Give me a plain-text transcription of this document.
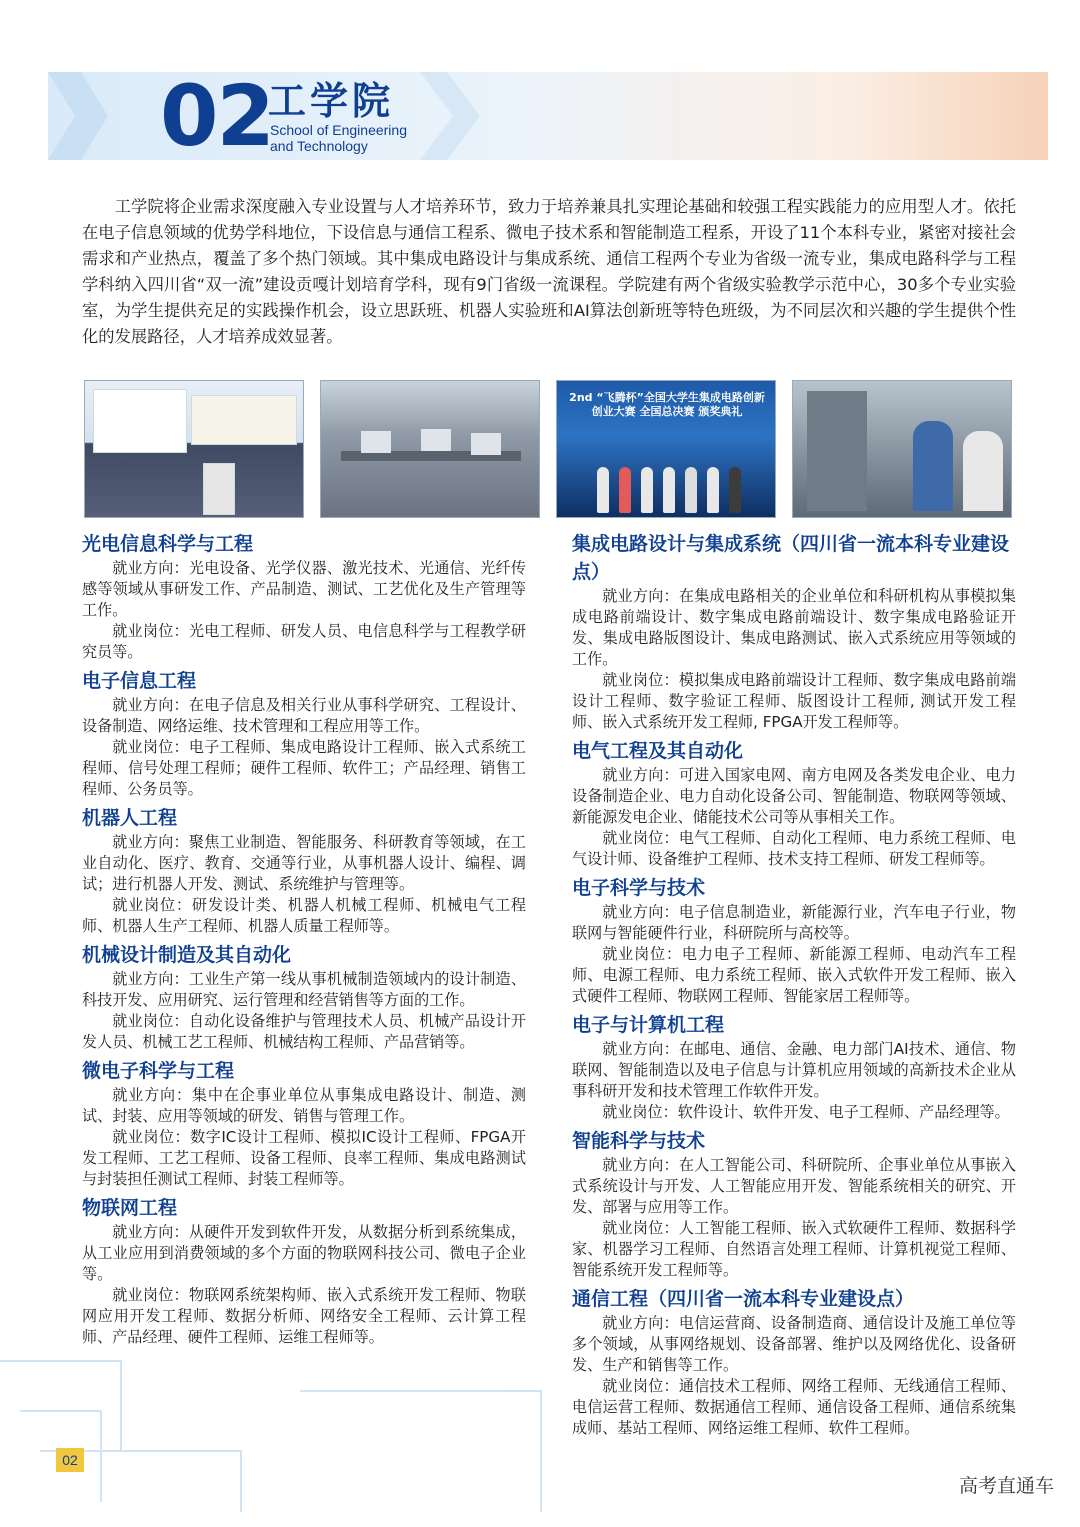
02
工学院
School of Engineering
and Technology

工学院将企业需求深度融入专业设置与人才培养环节，致力于培养兼具扎实理论基础和较强工程实践能力的应用型人才。依托在电子信息领域的优势学科地位，下设信息与通信工程系、微电子技术系和智能制造工程系，开设了11个本科专业，紧密对接社会需求和产业热点，覆盖了多个热门领域。其中集成电路设计与集成系统、通信工程两个专业为省级一流专业，集成电路科学与工程学科纳入四川省“双一流”建设贡嘎计划培育学科，现有9门省级一流课程。学院建有两个省级实验教学示范中心，30多个专业实验室，为学生提供充足的实践操作机会，设立思跃班、机器人实验班和AI算法创新班等特色班级，为不同层次和兴趣的学生提供个性化的发展路径，人才培养成效显著。

2nd “飞腾杯”全国大学生集成电路创新创业大赛 全国总决赛 颁奖典礼
光电信息科学与工程

就业方向：光电设备、光学仪器、激光技术、光通信、光纤传感等领域从事研发工作、产品制造、测试、工艺优化及生产管理等工作。

就业岗位：光电工程师、研发人员、电信息科学与工程教学研究员等。

电子信息工程

就业方向：在电子信息及相关行业从事科学研究、工程设计、设备制造、网络运维、技术管理和工程应用等工作。

就业岗位：电子工程师、集成电路设计工程师、嵌入式系统工程师、信号处理工程师；硬件工程师、软件工；产品经理、销售工程师、公务员等。

机器人工程

就业方向：聚焦工业制造、智能服务、科研教育等领域，在工业自动化、医疗、教育、交通等行业，从事机器人设计、编程、调试；进行机器人开发、测试、系统维护与管理等。

就业岗位：研发设计类、机器人机械工程师、机械电气工程师、机器人生产工程师、机器人质量工程师等。

机械设计制造及其自动化

就业方向：工业生产第一线从事机械制造领域内的设计制造、科技开发、应用研究、运行管理和经营销售等方面的工作。

就业岗位：自动化设备维护与管理技术人员、机械产品设计开发人员、机械工艺工程师、机械结构工程师、产品营销等。

微电子科学与工程

就业方向：集中在企事业单位从事集成电路设计、制造、测试、封装、应用等领域的研发、销售与管理工作。

就业岗位：数字IC设计工程师、模拟IC设计工程师、FPGA开发工程师、工艺工程师、设备工程师、良率工程师、集成电路测试与封装担任测试工程师、封装工程师等。

物联网工程

就业方向：从硬件开发到软件开发，从数据分析到系统集成，从工业应用到消费领域的多个方面的物联网科技公司、微电子企业等。

就业岗位：物联网系统架构师、嵌入式系统开发工程师、物联网应用开发工程师、数据分析师、网络安全工程师、云计算工程师、产品经理、硬件工程师、运维工程师等。

集成电路设计与集成系统（四川省一流本科专业建设点）

就业方向：在集成电路相关的企业单位和科研机构从事模拟集成电路前端设计、数字集成电路前端设计、数字集成电路验证开发、集成电路版图设计、集成电路测试、嵌入式系统应用等领域的工作。

就业岗位：模拟集成电路前端设计工程师、数字集成电路前端设计工程师、数字验证工程师、版图设计工程师, 测试开发工程师、嵌入式系统开发工程师, FPGA开发工程师等。

电气工程及其自动化

就业方向：可进入国家电网、南方电网及各类发电企业、电力设备制造企业、电力自动化设备公司、智能制造、物联网等领域、新能源发电企业、储能技术公司等从事相关工作。

就业岗位：电气工程师、自动化工程师、电力系统工程师、电气设计师、设备维护工程师、技术支持工程师、研发工程师等。

电子科学与技术

就业方向：电子信息制造业，新能源行业，汽车电子行业，物联网与智能硬件行业，科研院所与高校等。

就业岗位：电力电子工程师、新能源工程师、电动汽车工程师、电源工程师、电力系统工程师、嵌入式软件开发工程师、嵌入式硬件工程师、物联网工程师、智能家居工程师等。

电子与计算机工程

就业方向：在邮电、通信、金融、电力部门AI技术、通信、物联网、智能制造以及电子信息与计算机应用领域的高新技术企业从事科研开发和技术管理工作软件开发。

就业岗位：软件设计、软件开发、电子工程师、产品经理等。

智能科学与技术

就业方向：在人工智能公司、科研院所、企事业单位从事嵌入式系统设计与开发、人工智能应用开发、智能系统相关的研究、开发、部署与应用等工作。

就业岗位：人工智能工程师、嵌入式软硬件工程师、数据科学家、机器学习工程师、自然语言处理工程师、计算机视觉工程师、智能系统开发工程师等。

通信工程（四川省一流本科专业建设点）

就业方向：电信运营商、设备制造商、通信设计及施工单位等多个领域，从事网络规划、设备部署、维护以及网络优化、设备研发、生产和销售等工作。

就业岗位：通信技术工程师、网络工程师、无线通信工程师、电信运营工程师、数据通信工程师、通信设备工程师、通信系统集成师、基站工程师、网络运维工程师、软件工程师。

02
高考直通车
